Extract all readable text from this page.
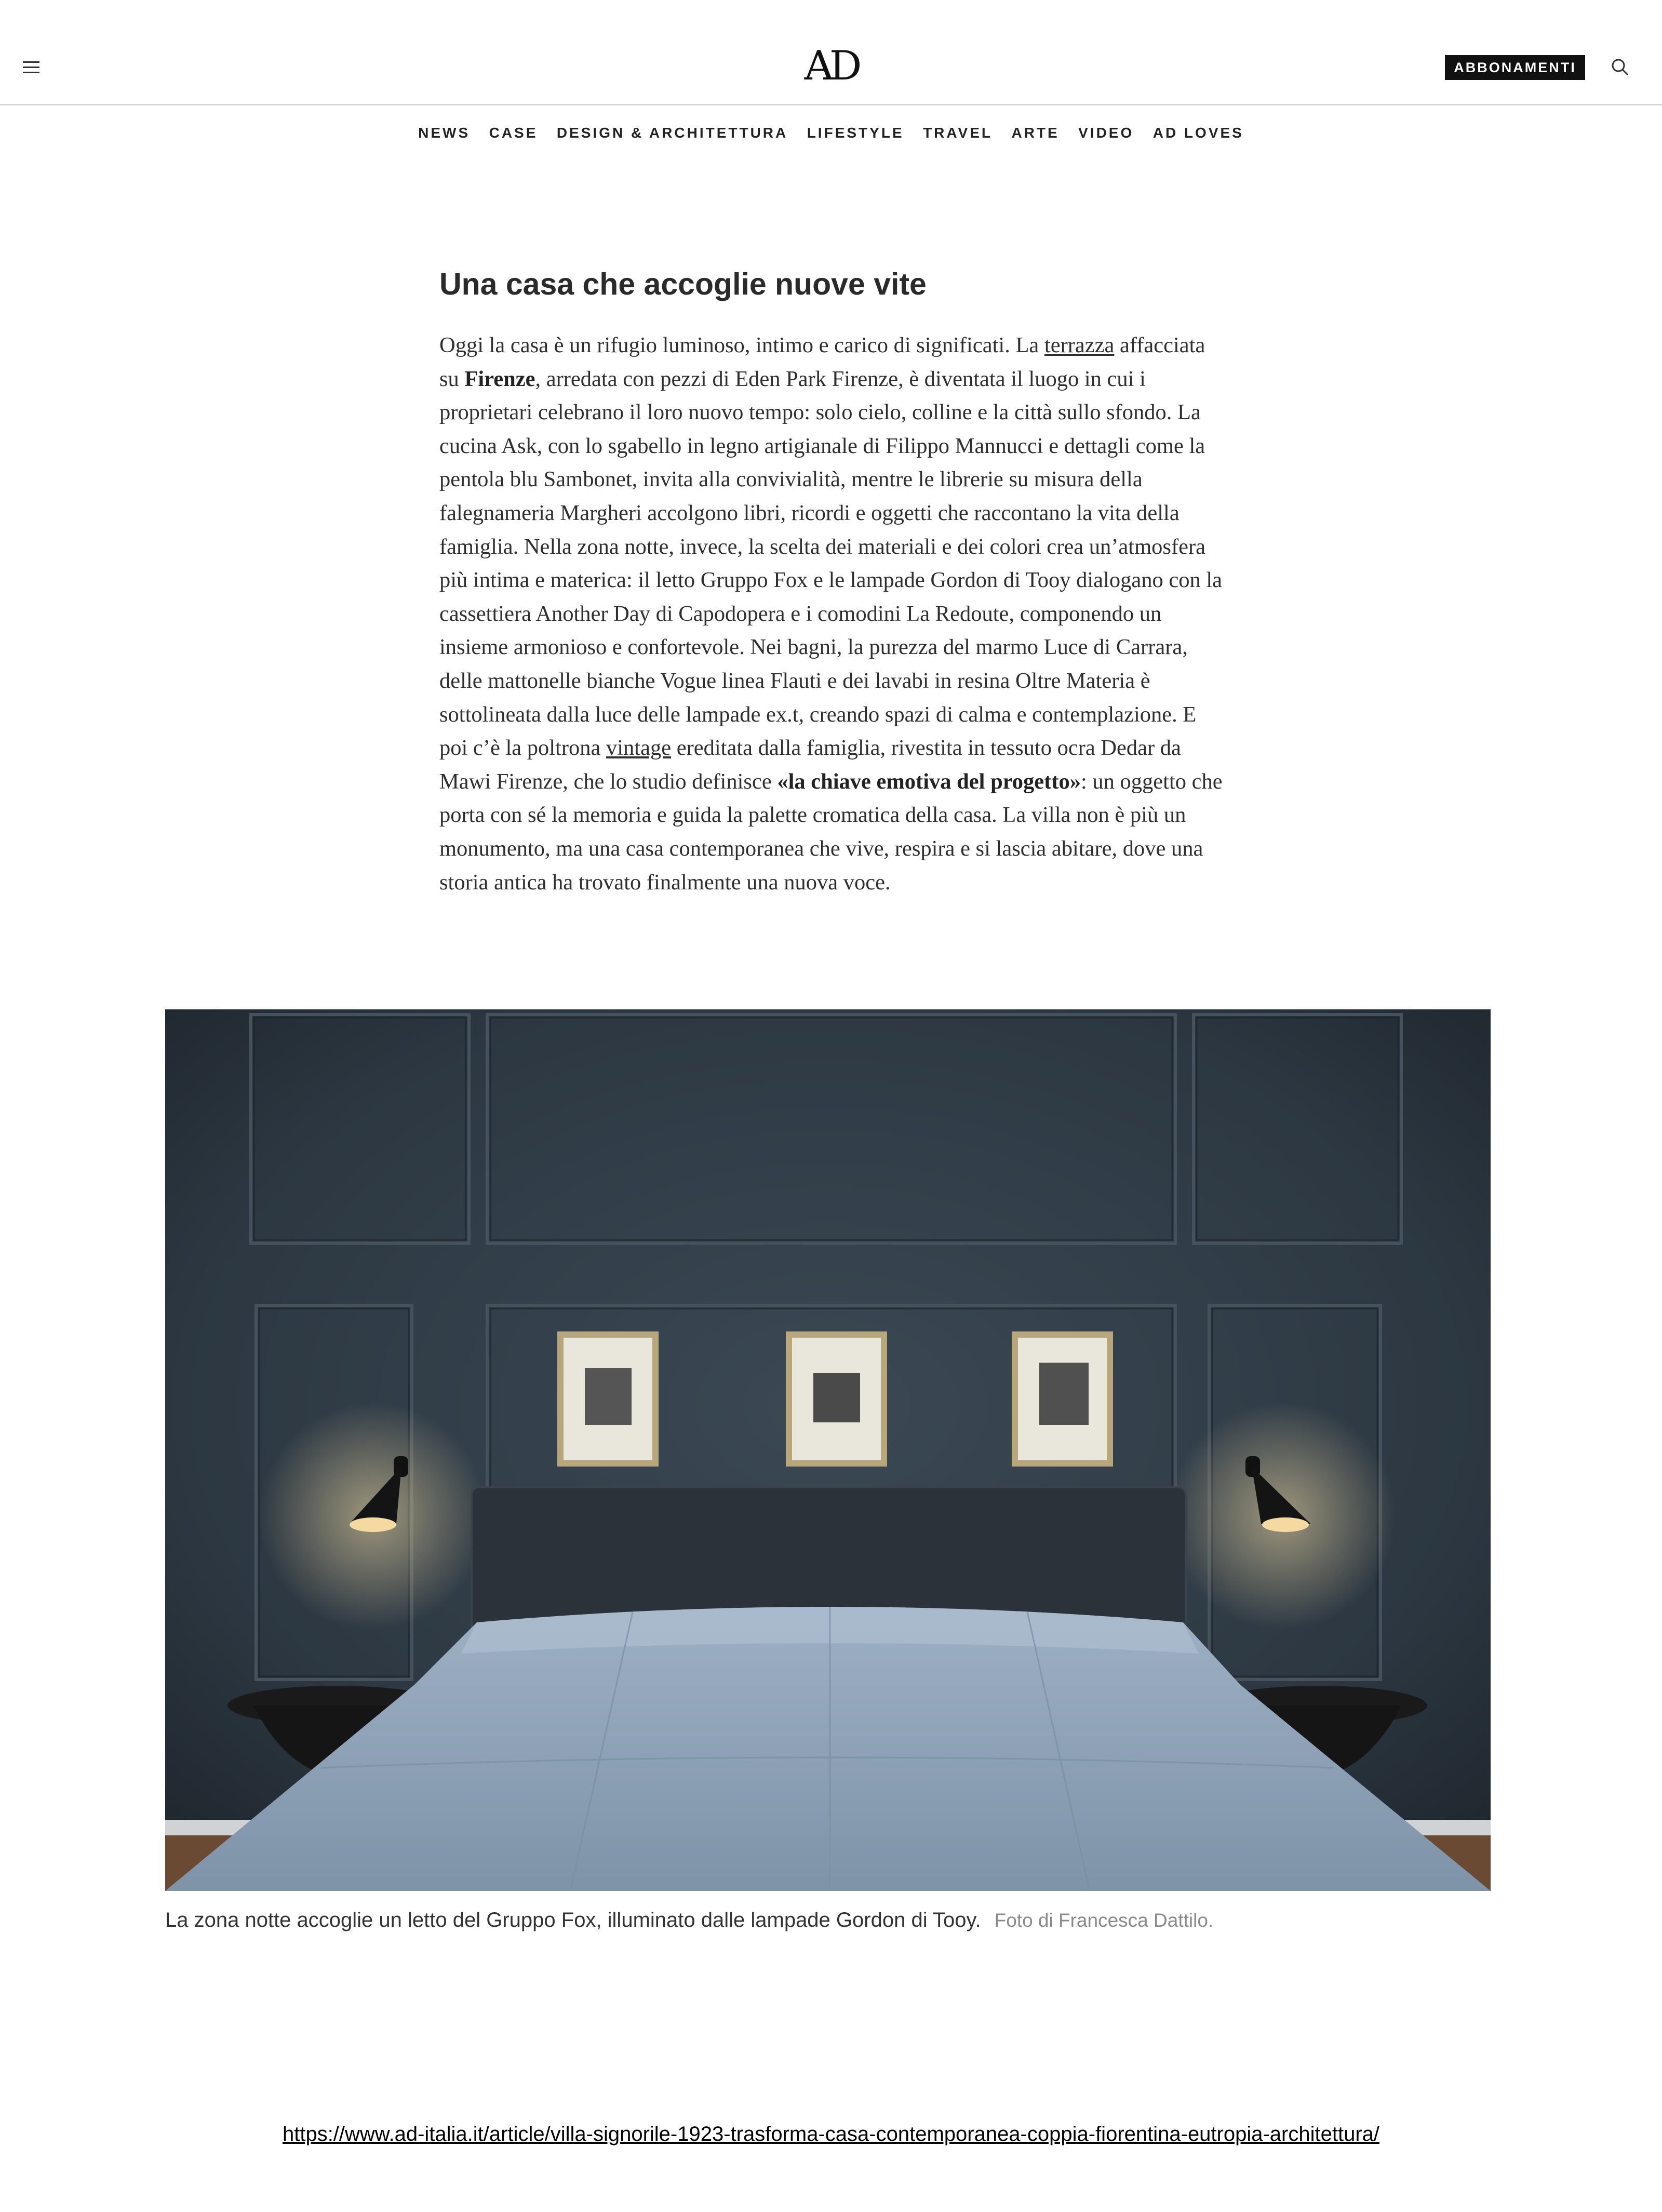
AD	ABBONAMENTI
NEWS CASE DESIGN & ARCHITETTURA LIFESTYLE TRAVEL ARTE VIDEO AD LOVES
Una casa che accoglie nuove vite

Oggi la casa è un rifugio luminoso, intimo e carico di significati. La terrazza affacciata su Firenze, arredata con pezzi di Eden Park Firenze, è diventata il luogo in cui i proprietari celebrano il loro nuovo tempo: solo cielo, colline e la città sullo sfondo. La cucina Ask, con lo sgabello in legno artigianale di Filippo Mannucci e dettagli come la pentola blu Sambonet, invita alla convivialità, mentre le librerie su misura della falegnameria Margheri accolgono libri, ricordi e oggetti che raccontano la vita della famiglia. Nella zona notte, invece, la scelta dei materiali e dei colori crea un’atmosfera più intima e materica: il letto Gruppo Fox e le lampade Gordon di Tooy dialogano con la cassettiera Another Day di Capodopera e i comodini La Redoute, componendo un insieme armonioso e confortevole. Nei bagni, la purezza del marmo Luce di Carrara, delle mattonelle bianche Vogue linea Flauti e dei lavabi in resina Oltre Materia è sottolineata dalla luce delle lampade ex.t, creando spazi di calma e contemplazione. E poi c’è la poltrona vintage ereditata dalla famiglia, rivestita in tessuto ocra Dedar da Mawi Firenze, che lo studio definisce «la chiave emotiva del progetto»: un oggetto che porta con sé la memoria e guida la palette cromatica della casa. La villa non è più un monumento, ma una casa contemporanea che vive, respira e si lascia abitare, dove una storia antica ha trovato finalmente una nuova voce.

La zona notte accoglie un letto del Gruppo Fox, illuminato dalle lampade Gordon di Tooy. Foto di Francesca Dattilo.

https://www.ad-italia.it/article/villa-signorile-1923-trasforma-casa-contemporanea-coppia-fiorentina-eutropia-architettura/
